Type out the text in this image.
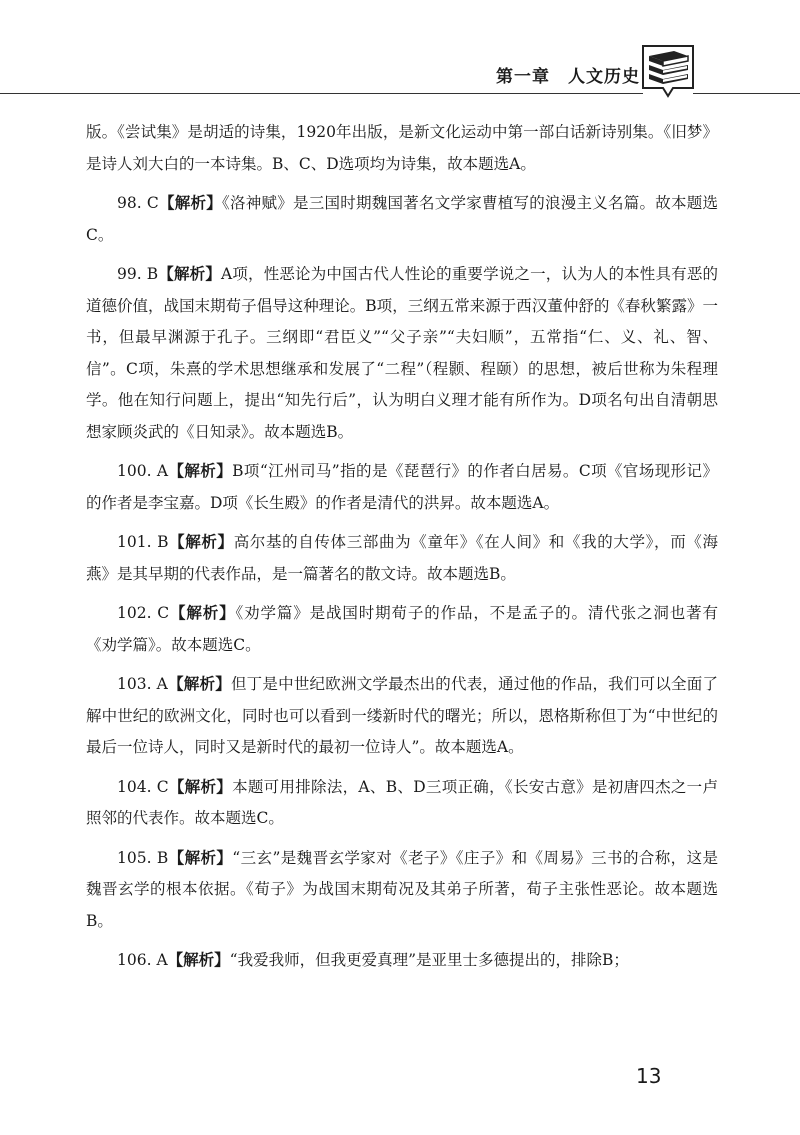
第一章 人文历史

版。《尝试集》是胡适的诗集，1920年出版，是新文化运动中第一部白话新诗别集。《旧梦》是诗人刘大白的一本诗集。B、C、D选项均为诗集，故本题选A。

98. C【解析】《洛神赋》是三国时期魏国著名文学家曹植写的浪漫主义名篇。故本题选C。

99. B【解析】A项，性恶论为中国古代人性论的重要学说之一，认为人的本性具有恶的道德价值，战国末期荀子倡导这种理论。B项，三纲五常来源于西汉董仲舒的《春秋繁露》一书，但最早渊源于孔子。三纲即“君臣义”“父子亲”“夫妇顺”，五常指“仁、义、礼、智、信”。C项，朱熹的学术思想继承和发展了“二程”（程颢、程颐）的思想，被后世称为朱程理学。他在知行问题上，提出“知先行后”，认为明白义理才能有所作为。D项名句出自清朝思想家顾炎武的《日知录》。故本题选B。

100. A【解析】B项“江州司马”指的是《琵琶行》的作者白居易。C项《官场现形记》的作者是李宝嘉。D项《长生殿》的作者是清代的洪昇。故本题选A。

101. B【解析】高尔基的自传体三部曲为《童年》《在人间》和《我的大学》，而《海燕》是其早期的代表作品，是一篇著名的散文诗。故本题选B。

102. C【解析】《劝学篇》是战国时期荀子的作品，不是孟子的。清代张之洞也著有《劝学篇》。故本题选C。

103. A【解析】但丁是中世纪欧洲文学最杰出的代表，通过他的作品，我们可以全面了解中世纪的欧洲文化，同时也可以看到一缕新时代的曙光；所以，恩格斯称但丁为“中世纪的最后一位诗人，同时又是新时代的最初一位诗人”。故本题选A。

104. C【解析】本题可用排除法，A、B、D三项正确，《长安古意》是初唐四杰之一卢照邻的代表作。故本题选C。

105. B【解析】“三玄”是魏晋玄学家对《老子》《庄子》和《周易》三书的合称，这是魏晋玄学的根本依据。《荀子》为战国末期荀况及其弟子所著，荀子主张性恶论。故本题选B。

106. A【解析】“我爱我师，但我更爱真理”是亚里士多德提出的，排除B；

13
